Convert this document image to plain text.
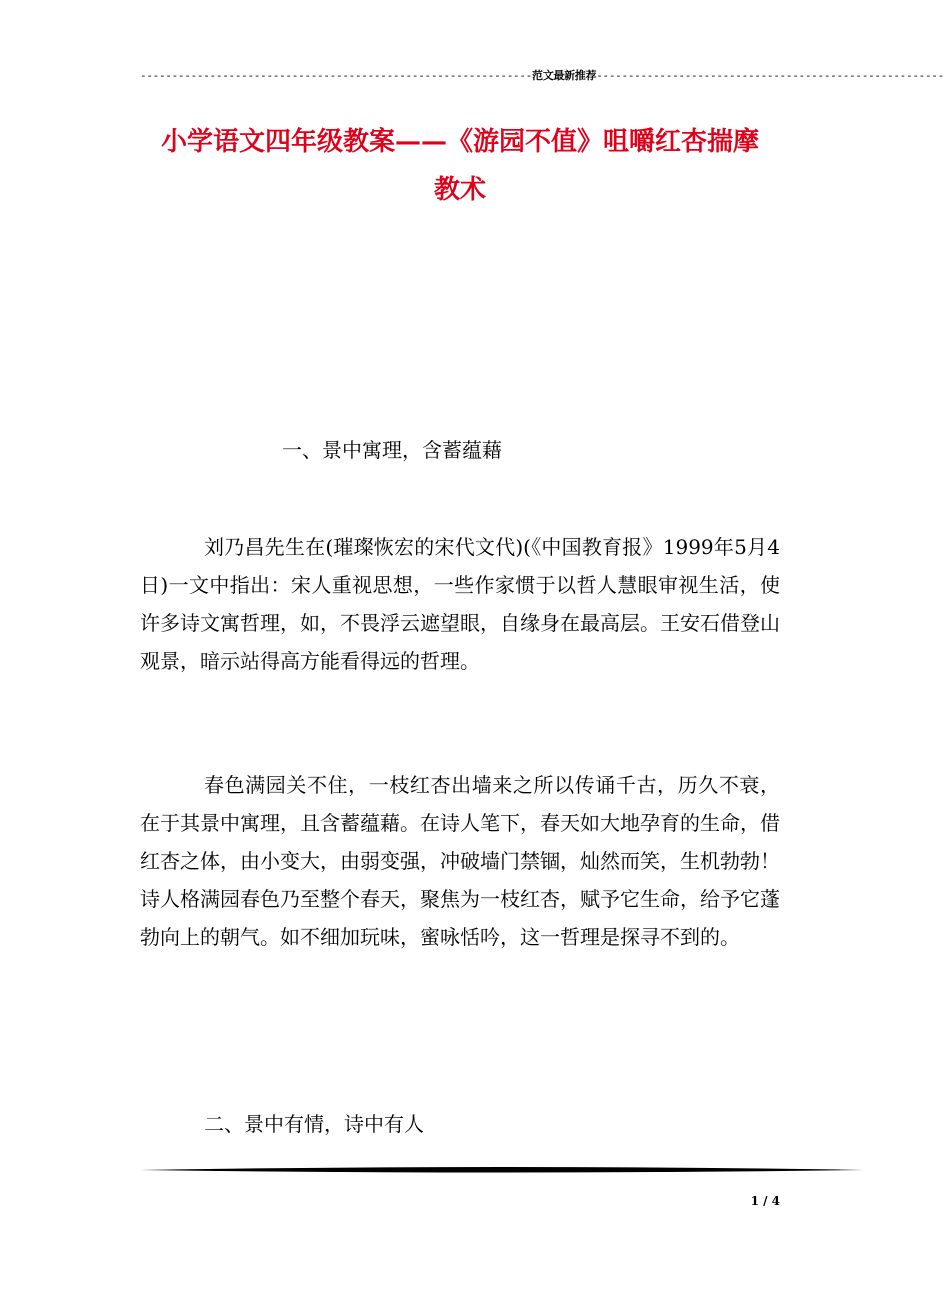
--------------------------------------------------------------范文最新推荐-------------------------------------------------------
小学语文四年级教案——《游园不值》咀嚼红杏揣摩
教术
一、景中寓理，含蓄蕴藉
刘乃昌先生在(璀璨恢宏的宋代文代)(《中国教育报》1999年5月4日)一文中指出：宋人重视思想，一些作家惯于以哲人慧眼审视生活，使许多诗文寓哲理，如，不畏浮云遮望眼，自缘身在最高层。王安石借登山观景，暗示站得高方能看得远的哲理。
春色满园关不住，一枝红杏出墙来之所以传诵千古，历久不衰，在于其景中寓理，且含蓄蕴藉。在诗人笔下，春天如大地孕育的生命，借红杏之体，由小变大，由弱变强，冲破墙门禁锢，灿然而笑，生机勃勃！诗人格满园春色乃至整个春天，聚焦为一枝红杏，赋予它生命，给予它蓬勃向上的朝气。如不细加玩味，蜜咏恬吟，这一哲理是探寻不到的。
二、景中有情，诗中有人
1 / 4
